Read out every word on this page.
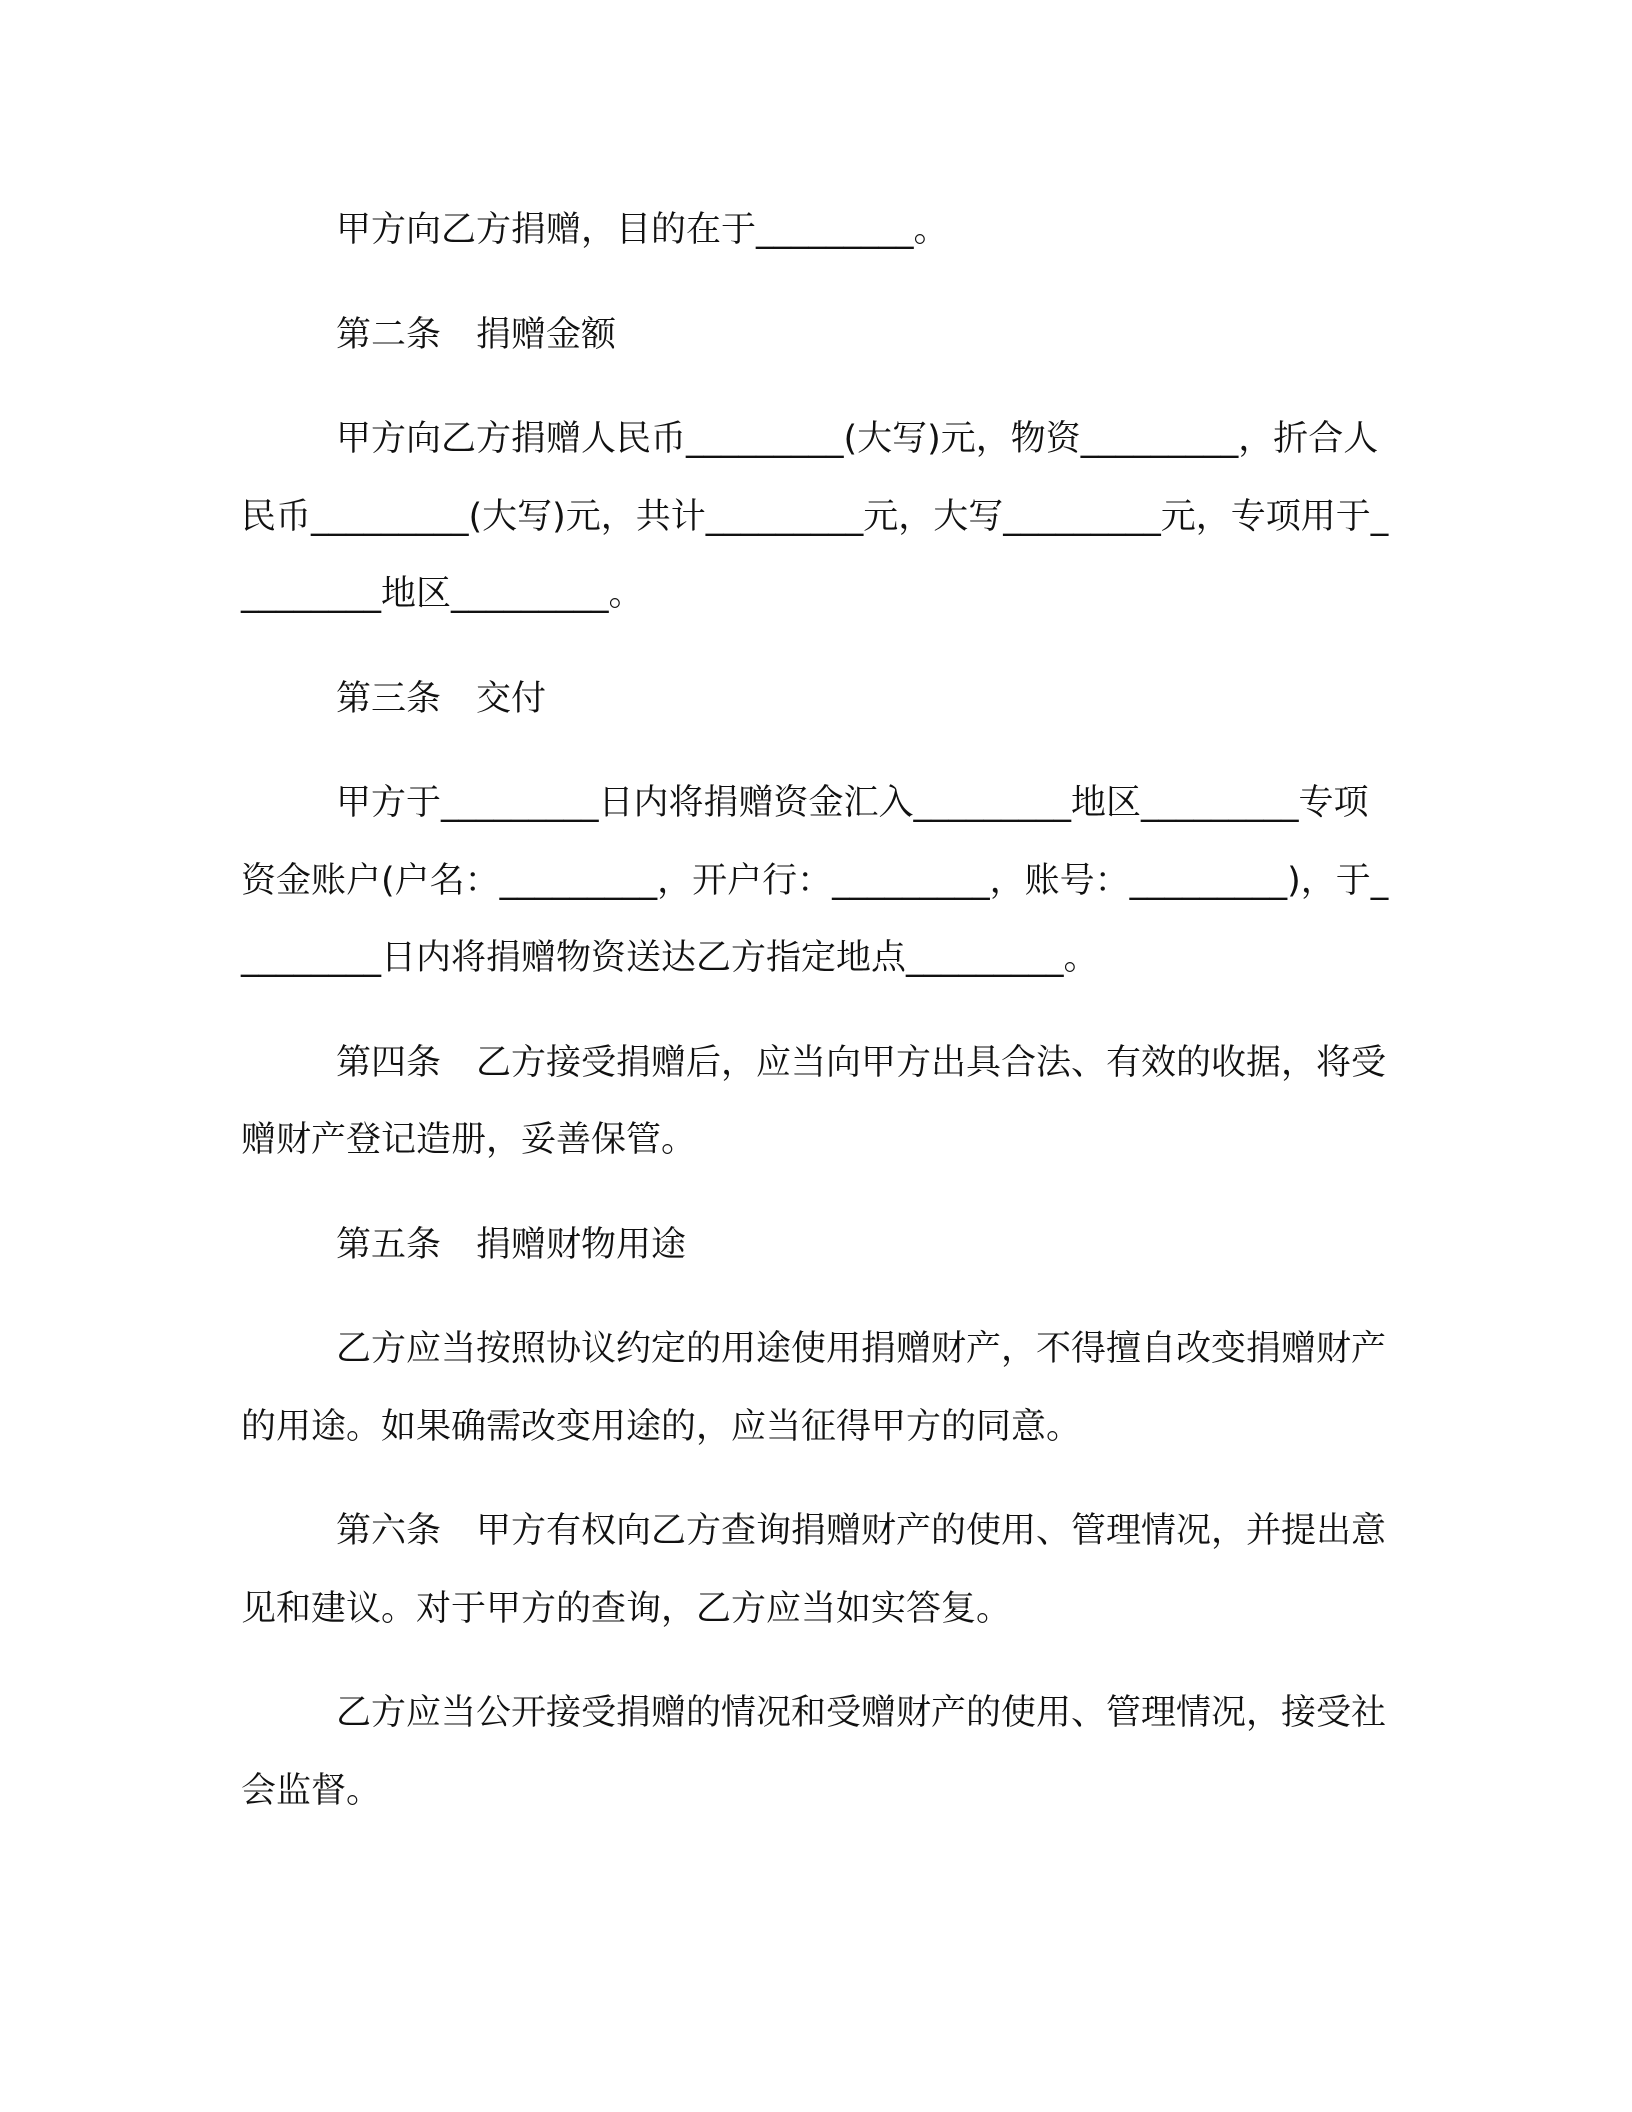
甲方向乙方捐赠，目的在于_________。

第二条　捐赠金额

甲方向乙方捐赠人民币_________(大写)元，物资_________，折合人民币_________(大写)元，共计_________元，大写_________元，专项用于_________地区_________。

第三条　交付

甲方于_________日内将捐赠资金汇入_________地区_________专项资金账户(户名：_________，开户行：_________，账号：_________)，于_________日内将捐赠物资送达乙方指定地点_________。

第四条　乙方接受捐赠后，应当向甲方出具合法、有效的收据，将受赠财产登记造册，妥善保管。

第五条　捐赠财物用途

乙方应当按照协议约定的用途使用捐赠财产，不得擅自改变捐赠财产的用途。如果确需改变用途的，应当征得甲方的同意。

第六条　甲方有权向乙方查询捐赠财产的使用、管理情况，并提出意见和建议。对于甲方的查询，乙方应当如实答复。

乙方应当公开接受捐赠的情况和受赠财产的使用、管理情况，接受社会监督。
